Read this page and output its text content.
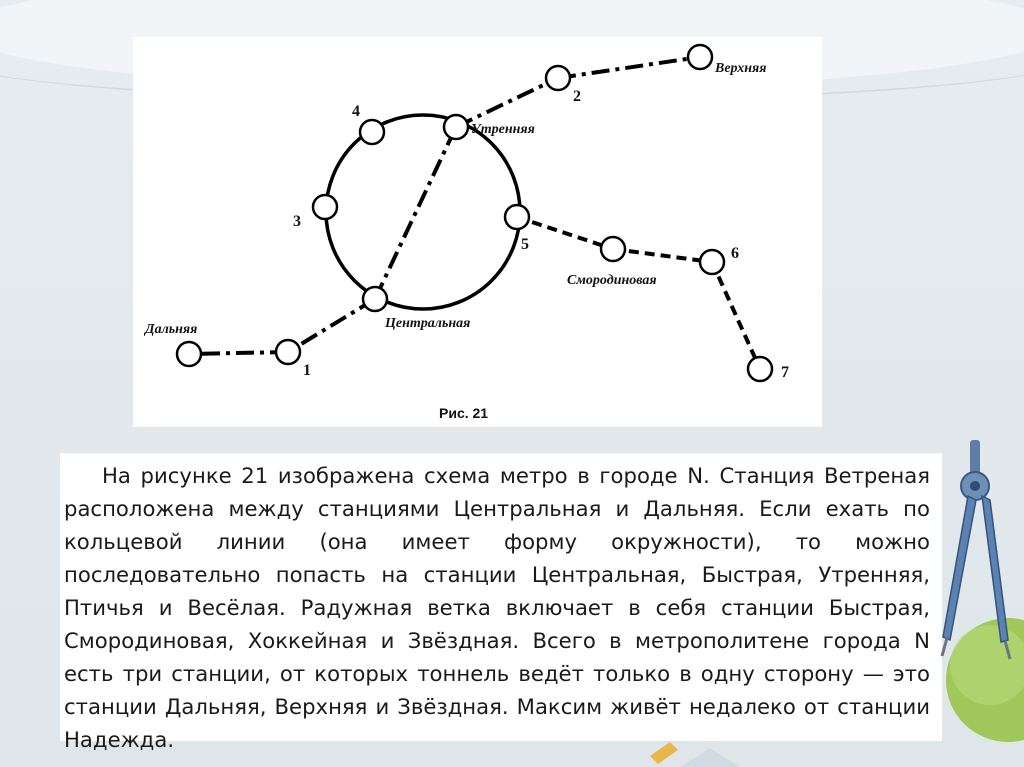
Верхняя
2
4
Утренняя
3
5
Смородиновая
6
Центральная
Дальняя
1	7
Рис. 21

На рисунке 21 изображена схема метро в городе N. Станция Ветреная расположена между станциями Центральная и Дальняя. Если ехать по кольцевой линии (она имеет форму окружности), то можно последовательно попасть на станции Центральная, Быстрая, Утренняя, Птичья и Весёлая. Радужная ветка включает в себя станции Быстрая, Смородиновая, Хоккейная и Звёздная. Всего в метрополитене города N есть три станции, от которых тоннель ведёт только в одну сторону — это станции Дальняя, Верхняя и Звёздная. Максим живёт недалеко от станции Надежда.
